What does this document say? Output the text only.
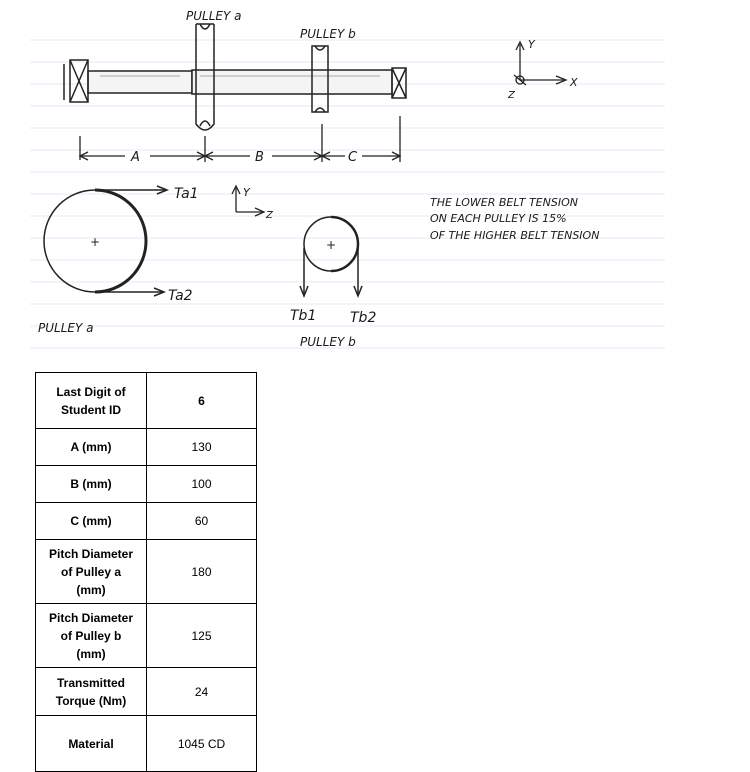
PULLEY a
PULLEY b
A	B	C
Y
X
Z
+
Ta1
Ta2
Y
Z
+
Tb1 Tb2
PULLEY a
PULLEY b
THE LOWER BELT TENSION
ON EACH PULLEY IS 15%
OF THE HIGHER BELT TENSION
Last Digit of
Student ID	6
A (mm)	130
B (mm)	100
C (mm)	60
Pitch Diameter
of Pulley a
(mm)	180
Pitch Diameter
of Pulley b
(mm)	125
Transmitted
Torque (Nm)	24
Material	1045 CD
